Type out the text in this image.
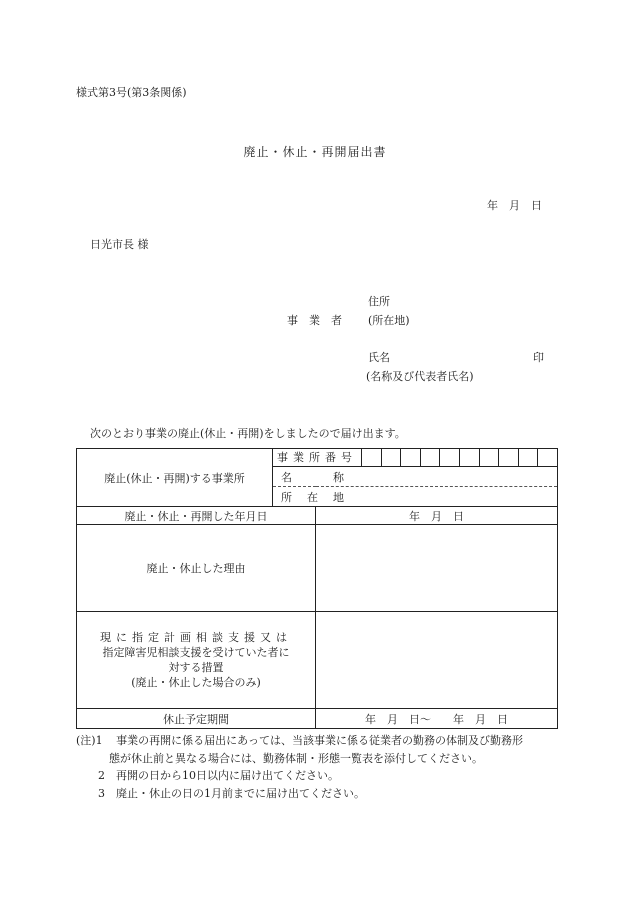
様式第3号(第3条関係)
廃止・休止・再開届出書
年　月　日
日光市長 様
住所
事　業　者 (所在地)
氏名	印
(名称及び代表者氏名)
次のとおり事業の廃止(休止・再開)をしましたので届け出ます。
廃止(休止・再開)する事業所	事業所番号	

	名　　　称	
	所　在　地	
廃止・休止・再開した年月日		年　月　日
廃止・休止した理由		

現に指定計画相談支援又は
指定障害児相談支援を受けていた者に
対する措置
(廃止・休止した場合のみ)		

休止予定期間		年　月　日〜　　年　月　日
(注)1 事業の再開に係る届出にあっては、当該事業に係る従業者の勤務の体制及び勤務形
態が休止前と異なる場合には、勤務体制・形態一覧表を添付してください。
2　再開の日から10日以内に届け出てください。
3　廃止・休止の日の1月前までに届け出てください。
